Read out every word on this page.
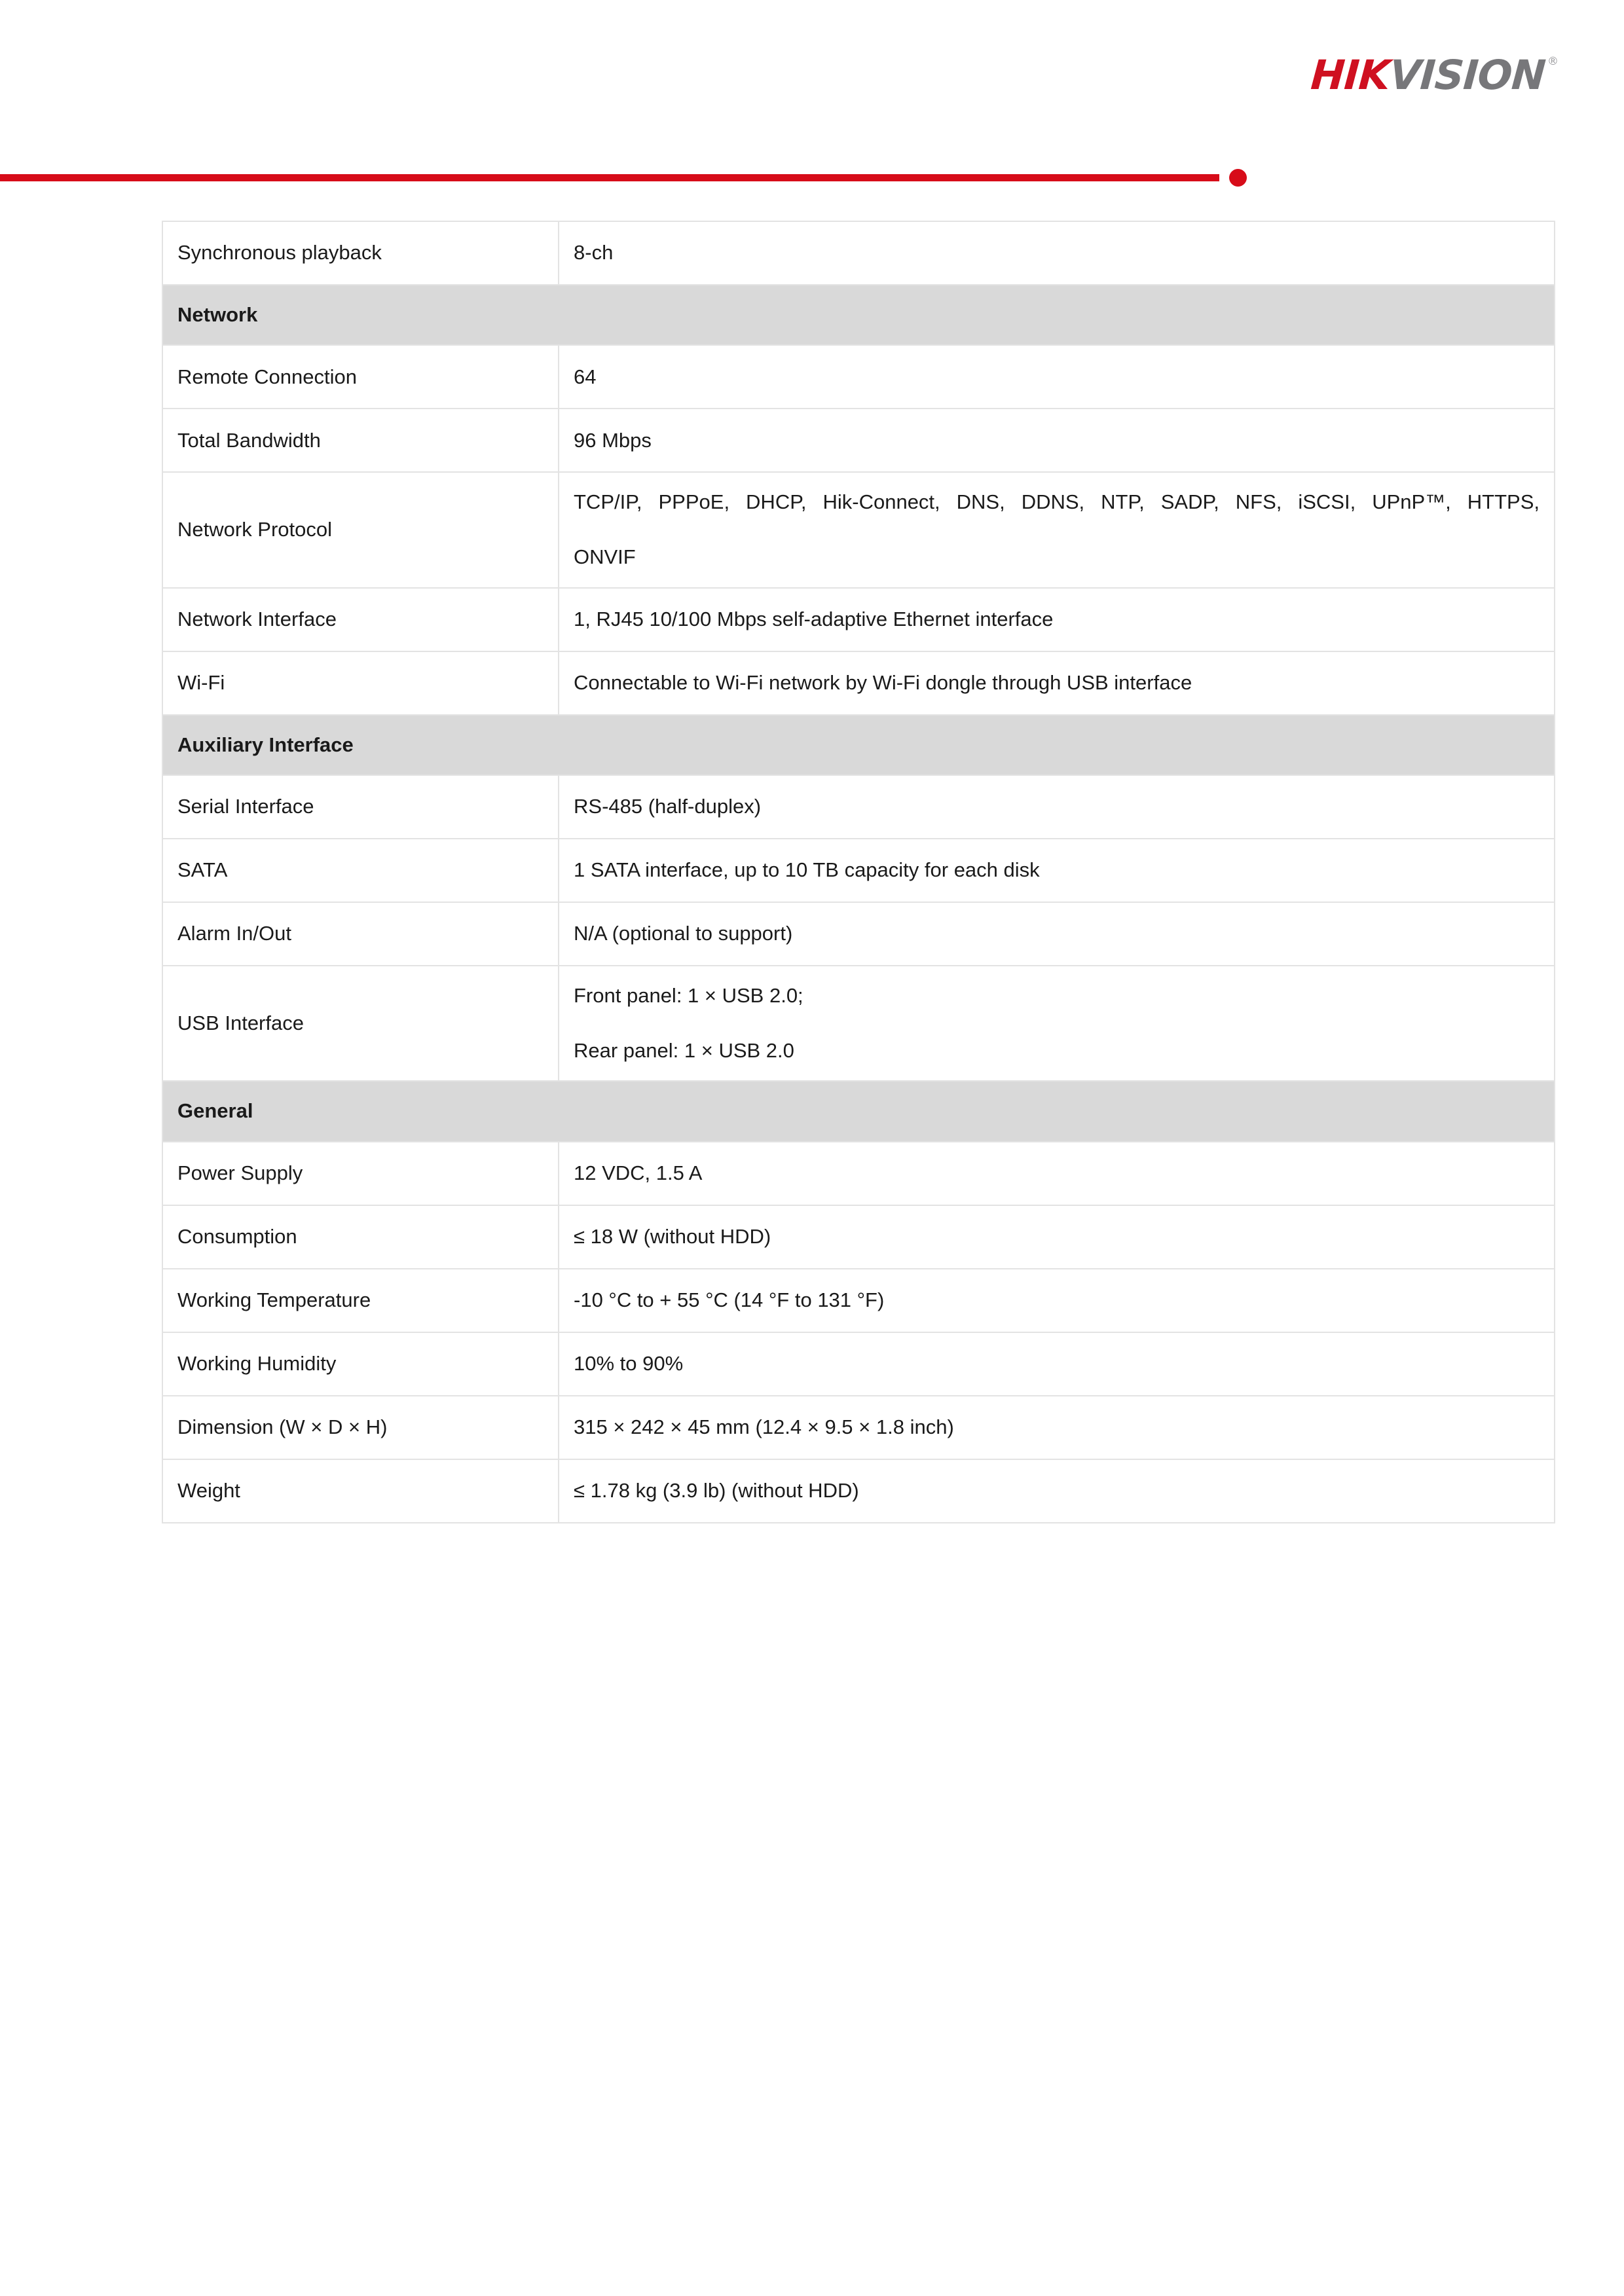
HIK
VISION ®
Synchronous playback	8-ch
Network	
Remote Connection	64
Total Bandwidth	96 Mbps
Network Protocol	TCP/IP, PPPoE, DHCP, Hik-Connect, DNS, DDNS, NTP, SADP, NFS, iSCSI, UPnP™, HTTPS,
ONVIF

Network Interface	1, RJ45 10/100 Mbps self-adaptive Ethernet interface
Wi-Fi	Connectable to Wi-Fi network by Wi-Fi dongle through USB interface
Auxiliary Interface	
Serial Interface	RS-485 (half-duplex)
SATA	1 SATA interface, up to 10 TB capacity for each disk
Alarm In/Out	N/A (optional to support)
USB Interface	Front panel: 1 × USB 2.0;
Rear panel: 1 × USB 2.0

General	
Power Supply	12 VDC, 1.5 A
Consumption	≤ 18 W (without HDD)
Working Temperature	-10 °C to + 55 °C (14 °F to 131 °F)
Working Humidity	10% to 90%
Dimension (W × D × H)	315 × 242 × 45 mm (12.4 × 9.5 × 1.8 inch)
Weight	≤ 1.78 kg (3.9 lb) (without HDD)
